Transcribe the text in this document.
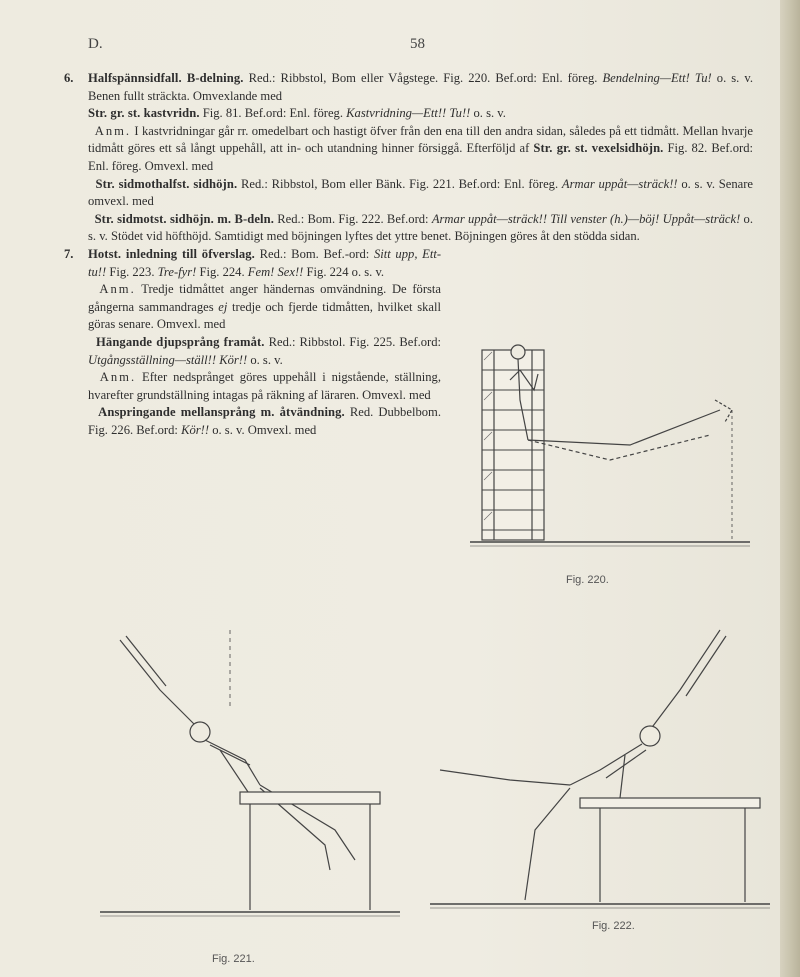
D.	58

6. Halfspännsidfall. B-delning. Red.: Ribbstol, Bom eller Vågstege. Fig. 220. Bef.ord: Enl. föreg. Bendelning—Ett! Tu! o. s. v. Benen fullt sträckta. Omvexlande med

Str. gr. st. kastvridn. Fig. 81. Bef.ord: Enl. föreg. Kastvridning—Ett!! Tu!! o. s. v.

Anm. I kastvridningar går rr. omedelbart och hastigt öfver från den ena till den andra sidan, således på ett tidmått. Mellan hvarje tidmått göres ett så långt uppehåll, att in- och utandning hinner försiggå. Efterföljd af Str. gr. st. vexelsidhöjn. Fig. 82. Bef.ord: Enl. föreg. Omvexl. med

Str. sidmothalfst. sidhöjn. Red.: Ribbstol, Bom eller Bänk. Fig. 221. Bef.ord: Enl. föreg. Armar uppåt—sträck!! o. s. v. Senare omvexl. med

Str. sidmotst. sidhöjn. m. B-deln. Red.: Bom. Fig. 222. Bef.ord: Armar uppåt—sträck!! Till venster (h.)—böj! Uppåt—sträck! o. s. v. Stödet vid höfthöjd. Samtidigt med böjningen lyftes det yttre benet. Böjningen göres åt den stödda sidan.

7. Hotst. inledning till öfverslag. Red.: Bom. Bef.-ord: Sitt upp, Ett-tu!! Fig. 223. Tre-fyr! Fig. 224. Fem! Sex!! Fig. 224 o. s. v.

Anm. Tredje tidmåttet anger händernas omvändning. De första gångerna sammandrages ej tredje och fjerde tidmåtten, hvilket skall göras senare. Omvexl. med

Hängande djupsprång framåt. Red.: Ribbstol. Fig. 225. Bef.ord: Utgångsställning—ställ!! Kör!! o. s. v.

Anm. Efter nedsprånget göres uppehåll i nigstående, ställning, hvarefter grundställning intagas på räkning af läraren. Omvexl. med

Anspringande mellansprång m. åtvändning. Red. Dubbelbom. Fig. 226. Bef.ord: Kör!! o. s. v. Omvexl. med

Fig. 220.
Fig. 221.
Fig. 222.
